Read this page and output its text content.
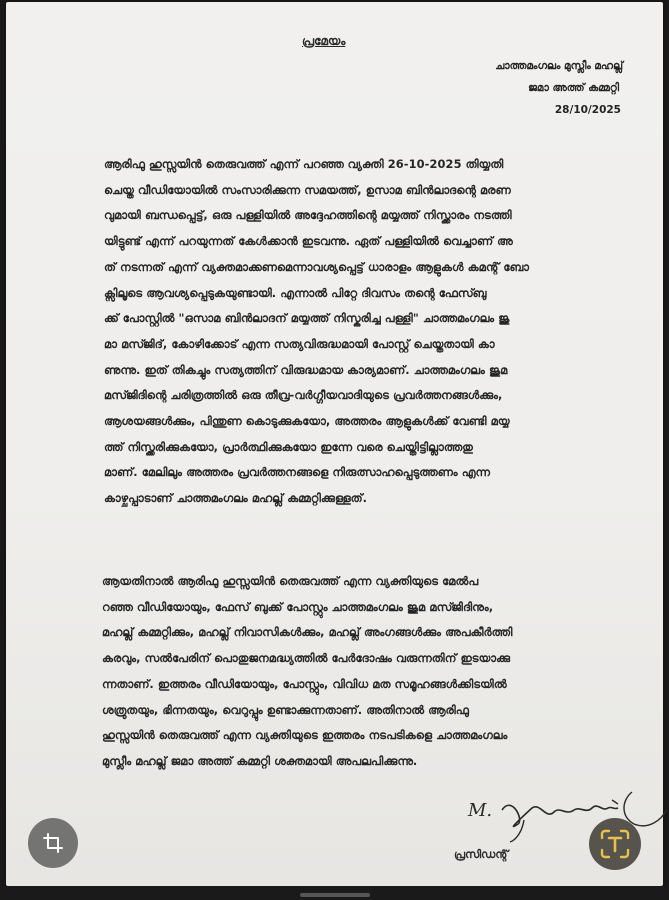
പ്രമേയം
ചാത്തമംഗലം മുസ്ലീം മഹല്ല്
ജമാ അത്ത് കമ്മറ്റി
28/10/2025
ആരിഫു ഹുസ്സയിൻ തെരുവത്ത് എന്ന് പറഞ്ഞ വ്യക്തി 26-10-2025 തിയ്യതി
ചെയ്ത വീഡിയോയിൽ സംസാരിക്കുന്ന സമയത്ത്, ഉസാമ ബിൻലാദന്റെ മരണ
വുമായി ബന്ധപ്പെട്ട്, ഒരു പള്ളിയിൽ അദ്ദേഹത്തിന്റെ മയ്യത്ത് നിസ്ക്കാരം നടത്തി
യിട്ടുണ്ട് എന്ന് പറയുന്നത് കേൾക്കാൻ ഇടവന്നു. ഏത് പള്ളിയിൽ വെച്ചാണ് അ
ത് നടന്നത് എന്ന് വ്യക്തമാക്കണമെന്നാവശ്യപ്പെട്ട് ധാരാളം ആളുകൾ കമന്റ് ബോ
ക്സിലൂടെ ആവശ്യപ്പെടുകയുണ്ടായി. എന്നാൽ പിറ്റേ ദിവസം തന്റെ ഫേസ്ബു
ക്ക് പോസ്റ്റിൽ "ഒസാമ ബിൻലാദന് മയ്യത്ത് നിസ്കരിച്ച പള്ളി" ചാത്തമംഗലം ജു
മാ മസ്ജിദ്, കോഴിക്കോട് എന്ന സത്യവിരുദ്ധമായി പോസ്റ്റ് ചെയ്തതായി കാ
ണുന്നു. ഇത് തികച്ചും സത്യത്തിന് വിരുദ്ധമായ കാര്യമാണ്. ചാത്തമംഗലം ജുമ
മസ്ജിദിന്റെ ചരിത്രത്തിൽ ഒരു തീവ്ര-വർഗ്ഗീയവാദിയുടെ പ്രവർത്തനങ്ങൾക്കും,
ആശയങ്ങൾക്കും, പിന്തുണ കൊടുക്കുകയോ, അത്തരം ആളുകൾക്ക് വേണ്ടി മയ്യ
ത്ത് നിസ്ക്കരിക്കുകയോ, പ്രാർത്ഥിക്കുകയോ ഇന്നേ വരെ ചെയ്തിട്ടില്ലാത്തതു
മാണ്. മേലിലും അത്തരം പ്രവർത്തനങ്ങളെ നിരുത്സാഹപ്പെടുത്തണം എന്ന
കാഴ്ചപ്പാടാണ് ചാത്തമംഗലം മഹല്ല് കമ്മറ്റിക്കുള്ളത്.
ആയതിനാൽ ആരിഫു ഹുസ്സയിൻ തെരുവത്ത് എന്ന വ്യക്തിയുടെ മേൽപ
റഞ്ഞ വീഡിയോയും, ഫേസ് ബുക്ക് പോസ്റ്റും ചാത്തമംഗലം ജുമ മസ്ജിദിനും,
മഹല്ല് കമ്മറ്റിക്കും, മഹല്ല് നിവാസികൾക്കും, മഹല്ല് അംഗങ്ങൾക്കും അപകീർത്തി
കരവും, സൽപേരിന് പൊതുജനമദ്ധ്യത്തിൽ പേർദോഷം വരുന്നതിന് ഇടയാക്കു
ന്നതാണ്. ഇത്തരം വീഡിയോയും, പോസ്റ്റും, വിവിധ മത സമൂഹങ്ങൾക്കിടയിൽ
ശത്രുതയും, ഭിന്നതയും, വെറുപ്പും ഉണ്ടാക്കുന്നതാണ്. അതിനാൽ ആരിഫു
ഹുസ്സയിൻ തെരുവത്ത് എന്ന വ്യക്തിയുടെ ഇത്തരം നടപടികളെ ചാത്തമംഗലം
മുസ്ലീം മഹല്ല് ജമാ അത്ത് കമ്മറ്റി ശക്തമായി അപലപിക്കുന്നു.
M.
പ്രസിഡന്റ്
